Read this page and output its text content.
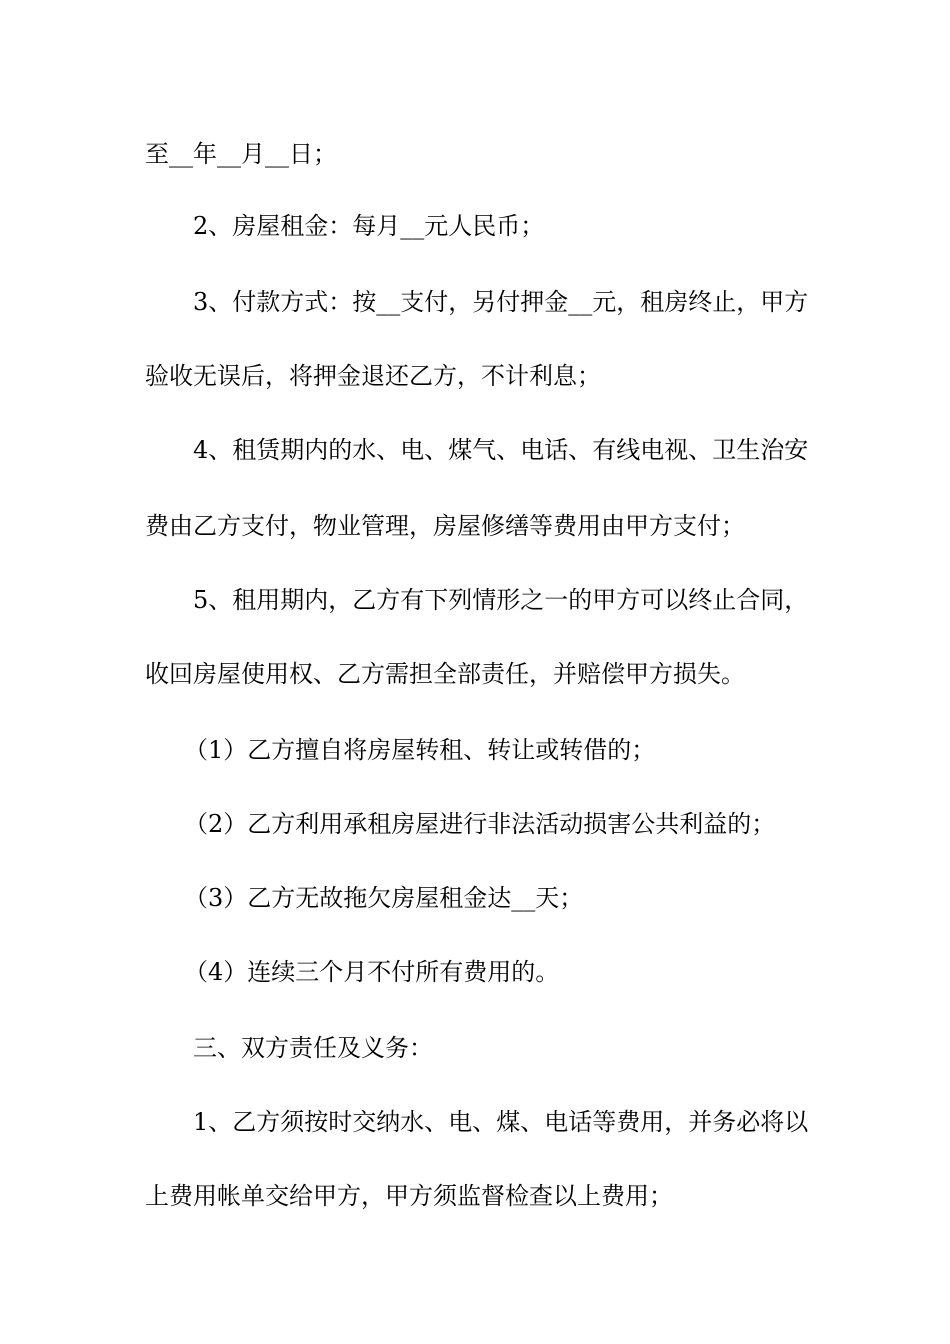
至__年__月__日；
2、房屋租金：每月__元人民币；
3、付款方式：按__支付，另付押金__元，租房终止，甲方
验收无误后，将押金退还乙方，不计利息；
4、租赁期内的水、电、煤气、电话、有线电视、卫生治安
费由乙方支付，物业管理，房屋修缮等费用由甲方支付；
5、租用期内，乙方有下列情形之一的甲方可以终止合同，
收回房屋使用权、乙方需担全部责任，并赔偿甲方损失。
（1）乙方擅自将房屋转租、转让或转借的；
（2）乙方利用承租房屋进行非法活动损害公共利益的；
（3）乙方无故拖欠房屋租金达__天；
（4）连续三个月不付所有费用的。
三、双方责任及义务：
1、乙方须按时交纳水、电、煤、电话等费用，并务必将以
上费用帐单交给甲方，甲方须监督检查以上费用；
